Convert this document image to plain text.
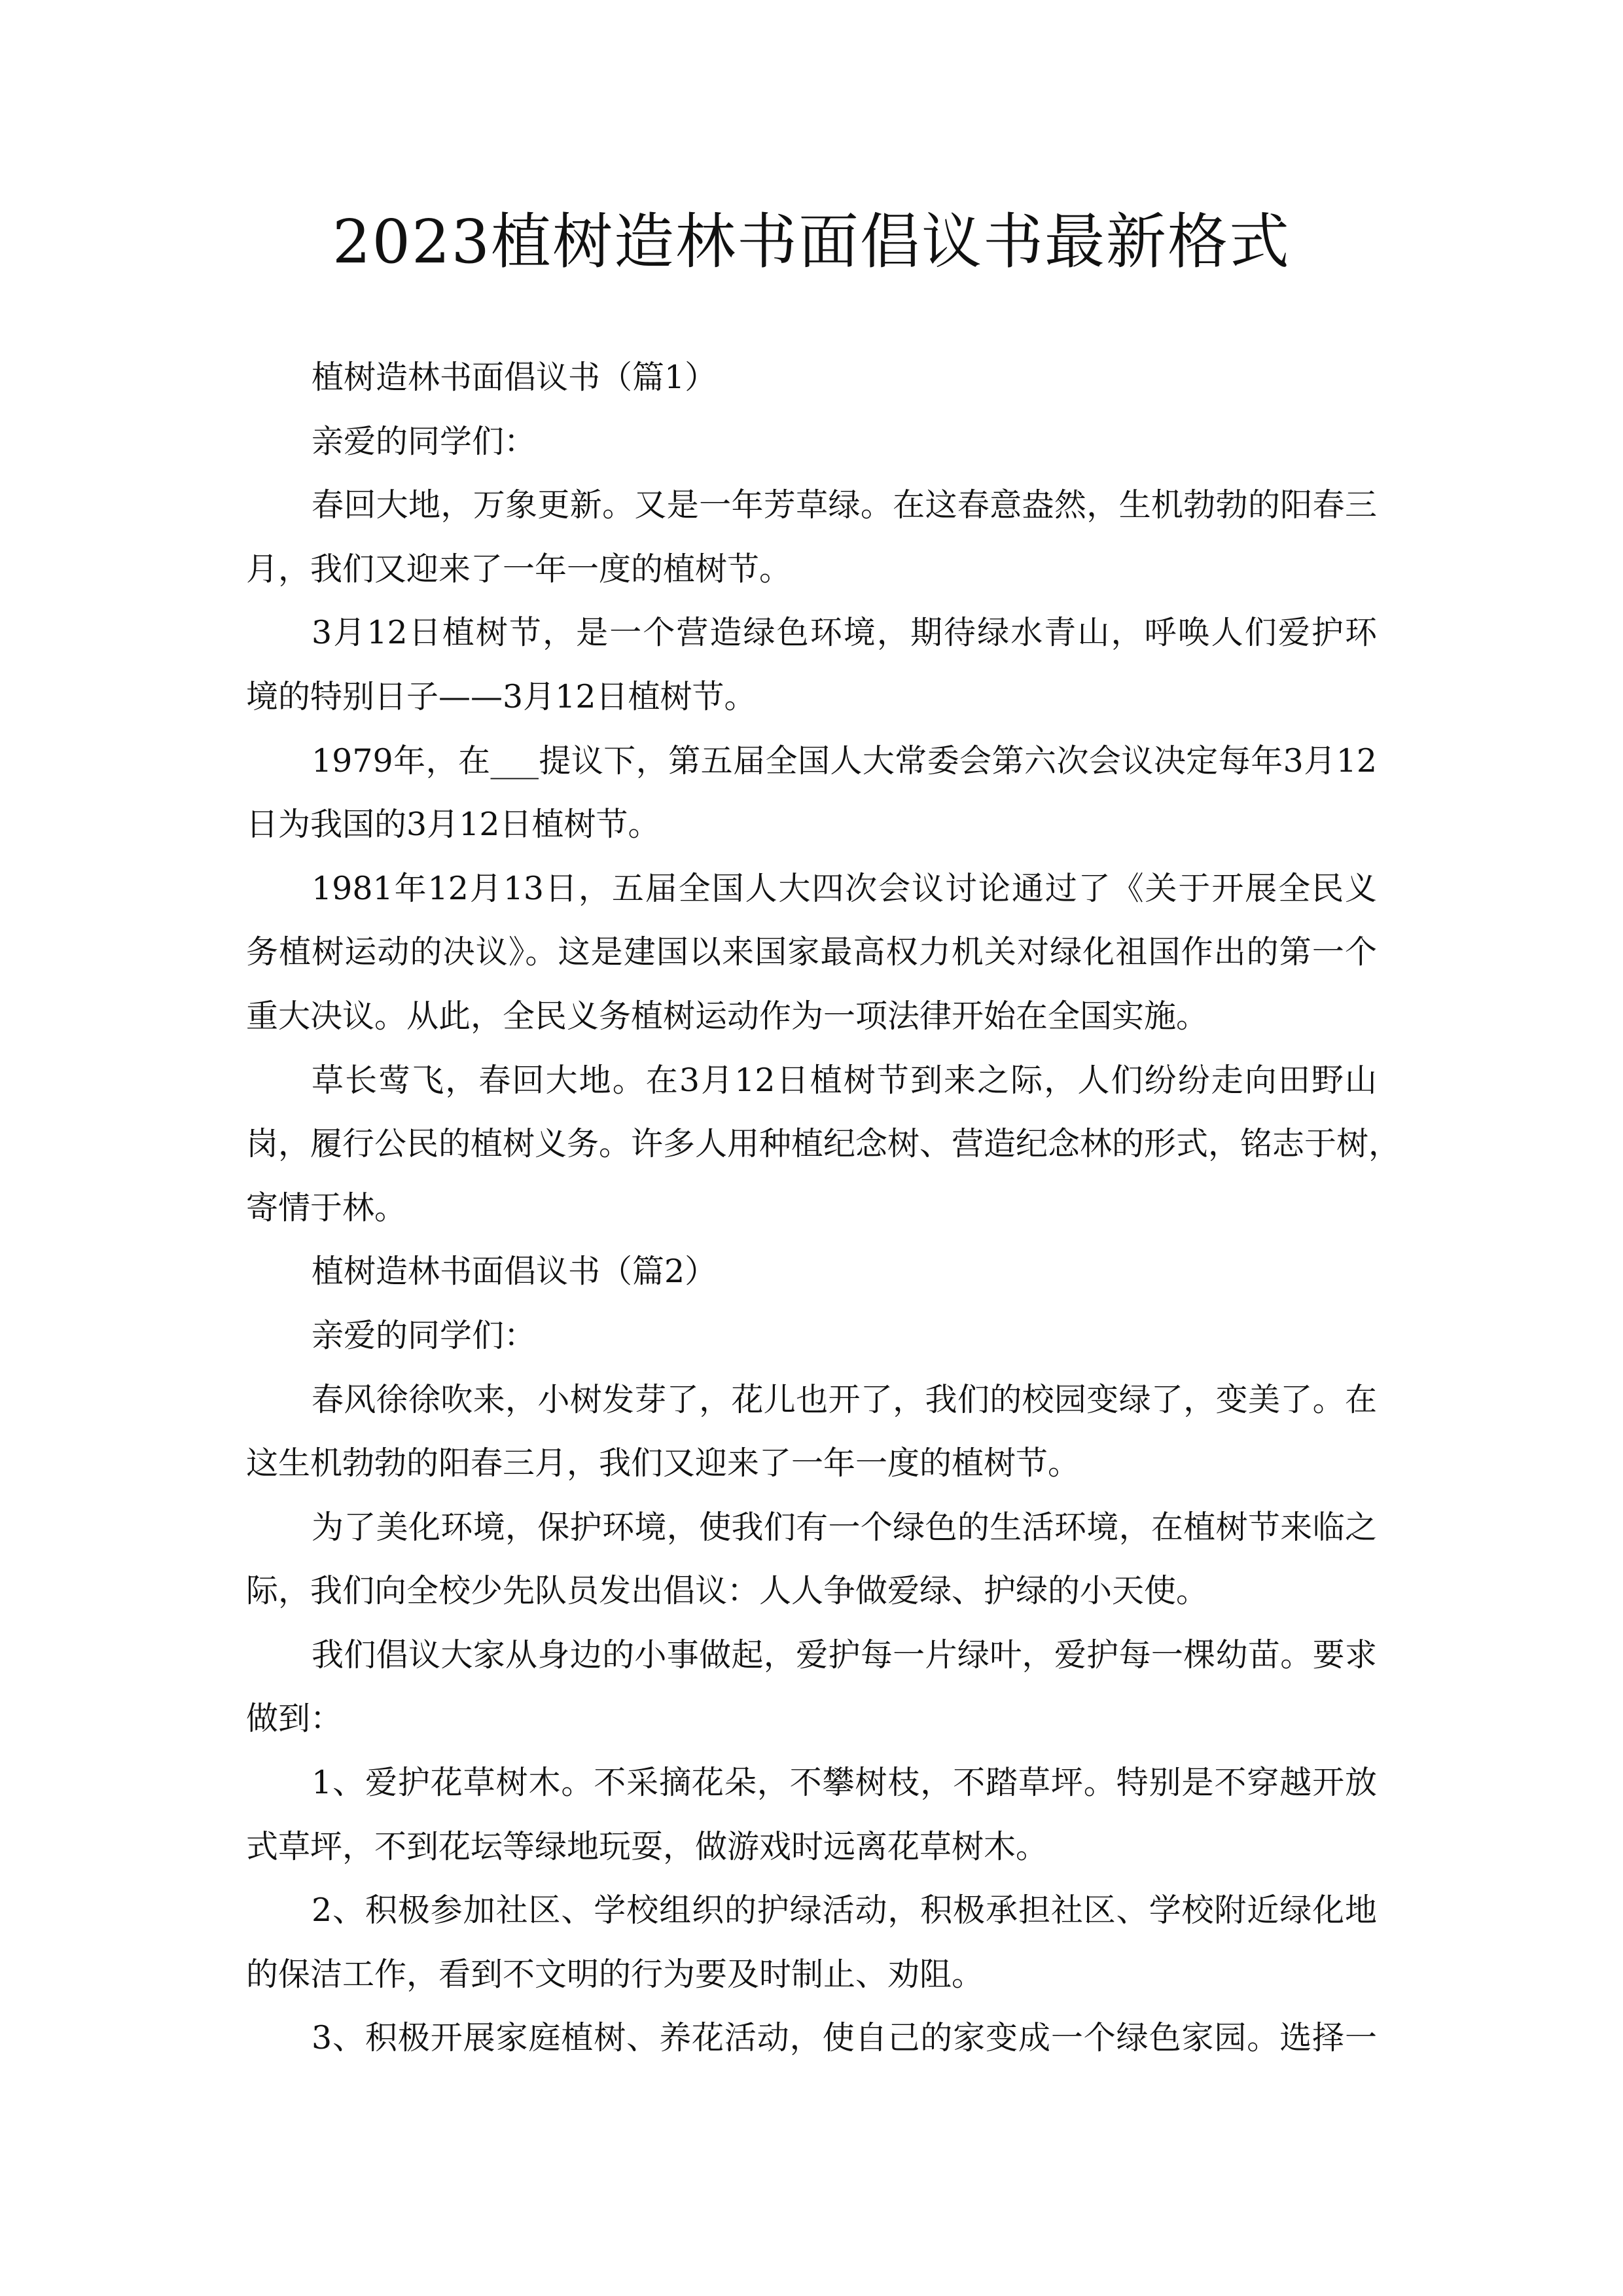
2023植树造林书面倡议书最新格式
植树造林书面倡议书（篇1）
亲爱的同学们：
春回大地，万象更新。又是一年芳草绿。在这春意盎然，生机勃勃的阳春三
月，我们又迎来了一年一度的植树节。
3月12日植树节，是一个营造绿色环境，期待绿水青山，呼唤人们爱护环
境的特别日子——3月12日植树节。
1979年，在___提议下，第五届全国人大常委会第六次会议决定每年3月12
日为我国的3月12日植树节。
1981年12月13日，五届全国人大四次会议讨论通过了《关于开展全民义
务植树运动的决议》。这是建国以来国家最高权力机关对绿化祖国作出的第一个
重大决议。从此，全民义务植树运动作为一项法律开始在全国实施。
草长莺飞，春回大地。在3月12日植树节到来之际，人们纷纷走向田野山
岗，履行公民的植树义务。许多人用种植纪念树、营造纪念林的形式，铭志于树，
寄情于林。
植树造林书面倡议书（篇2）
亲爱的同学们：
春风徐徐吹来，小树发芽了，花儿也开了，我们的校园变绿了，变美了。在
这生机勃勃的阳春三月，我们又迎来了一年一度的植树节。
为了美化环境，保护环境，使我们有一个绿色的生活环境，在植树节来临之
际，我们向全校少先队员发出倡议：人人争做爱绿、护绿的小天使。
我们倡议大家从身边的小事做起，爱护每一片绿叶，爱护每一棵幼苗。要求
做到：
1、爱护花草树木。不采摘花朵，不攀树枝，不踏草坪。特别是不穿越开放
式草坪，不到花坛等绿地玩耍，做游戏时远离花草树木。
2、积极参加社区、学校组织的护绿活动，积极承担社区、学校附近绿化地
的保洁工作，看到不文明的行为要及时制止、劝阻。
3、积极开展家庭植树、养花活动，使自己的家变成一个绿色家园。选择一
